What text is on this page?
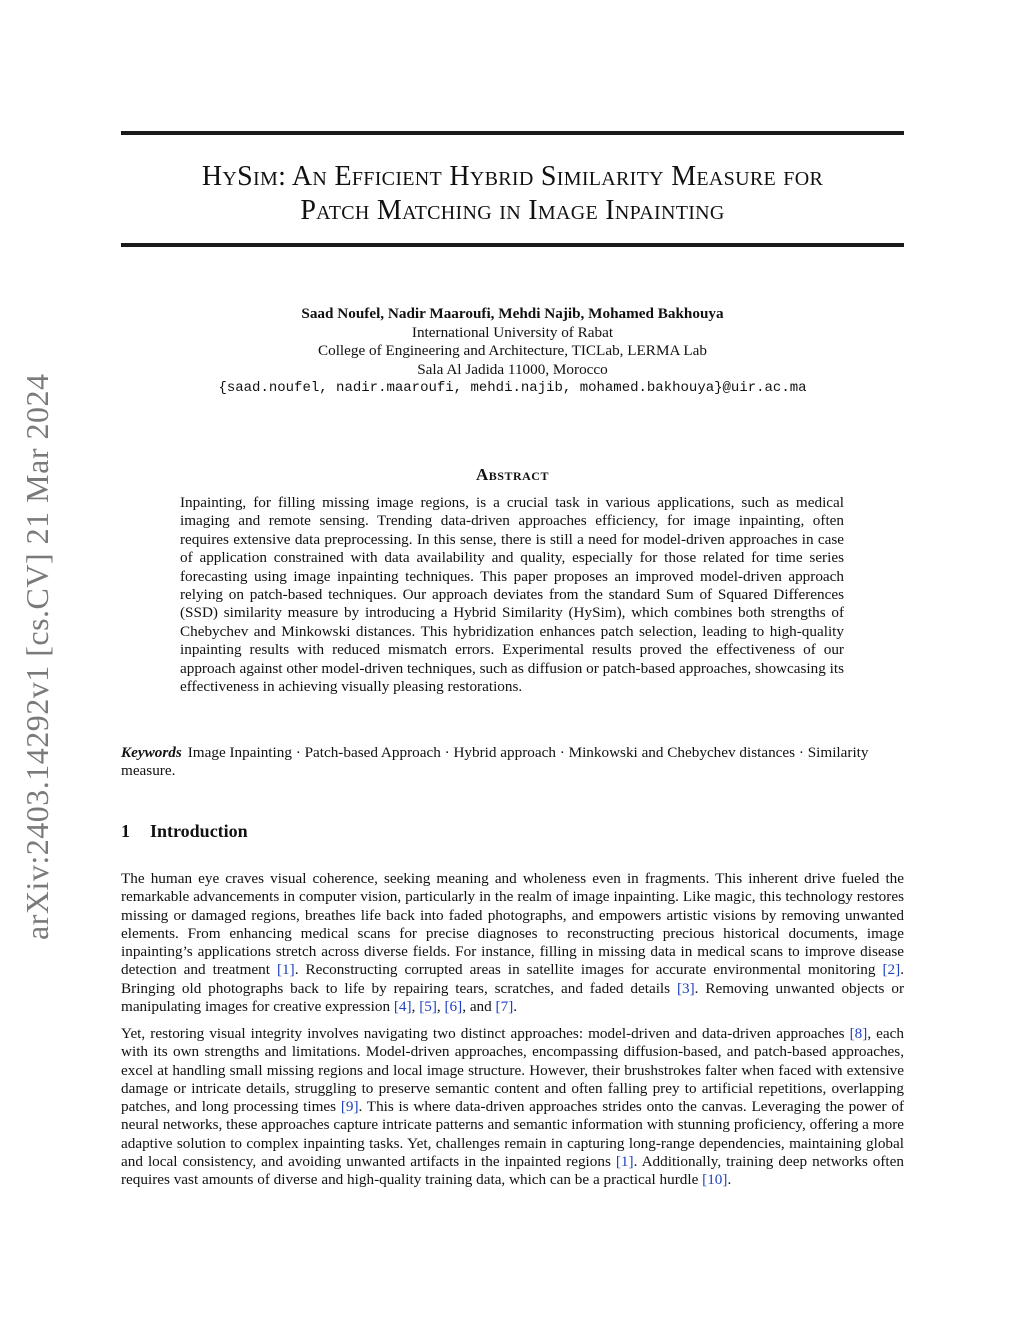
arXiv:2403.14292v1 [cs.CV] 21 Mar 2024
HySim: An Efficient Hybrid Similarity Measure for
Patch Matching in Image Inpainting
Saad Noufel, Nadir Maaroufi, Mehdi Najib, Mohamed Bakhouya
International University of Rabat
College of Engineering and Architecture, TICLab, LERMA Lab
Sala Al Jadida 11000, Morocco
{saad.noufel, nadir.maaroufi, mehdi.najib, mohamed.bakhouya}@uir.ac.ma
Abstract
Inpainting, for filling missing image regions, is a crucial task in various applications, such as medical imaging and remote sensing. Trending data-driven approaches efficiency, for image inpainting, often requires extensive data preprocessing. In this sense, there is still a need for model-driven approaches in case of application constrained with data availability and quality, especially for those related for time series forecasting using image inpainting techniques. This paper proposes an improved model-driven approach relying on patch-based techniques. Our approach deviates from the standard Sum of Squared Differences (SSD) similarity measure by introducing a Hybrid Similarity (HySim), which combines both strengths of Chebychev and Minkowski distances. This hybridization enhances patch selection, leading to high-quality inpainting results with reduced mismatch errors. Experimental results proved the effectiveness of our approach against other model-driven techniques, such as diffusion or patch-based approaches, showcasing its effectiveness in achieving visually pleasing restorations.
Keywords Image Inpainting · Patch-based Approach · Hybrid approach · Minkowski and Chebychev distances · Similarity measure.
1 Introduction
The human eye craves visual coherence, seeking meaning and wholeness even in fragments. This inherent drive fueled the remarkable advancements in computer vision, particularly in the realm of image inpainting. Like magic, this technology restores missing or damaged regions, breathes life back into faded photographs, and empowers artistic visions by removing unwanted elements. From enhancing medical scans for precise diagnoses to reconstructing precious historical documents, image inpainting’s applications stretch across diverse fields. For instance, filling in missing data in medical scans to improve disease detection and treatment [1]. Reconstructing corrupted areas in satellite images for accurate environmental monitoring [2]. Bringing old photographs back to life by repairing tears, scratches, and faded details [3]. Removing unwanted objects or manipulating images for creative expression [4], [5], [6], and [7].
Yet, restoring visual integrity involves navigating two distinct approaches: model-driven and data-driven approaches [8], each with its own strengths and limitations. Model-driven approaches, encompassing diffusion-based, and patch-based approaches, excel at handling small missing regions and local image structure. However, their brushstrokes falter when faced with extensive damage or intricate details, struggling to preserve semantic content and often falling prey to artificial repetitions, overlapping patches, and long processing times [9]. This is where data-driven approaches strides onto the canvas. Leveraging the power of neural networks, these approaches capture intricate patterns and semantic information with stunning proficiency, offering a more adaptive solution to complex inpainting tasks. Yet, challenges remain in capturing long-range dependencies, maintaining global and local consistency, and avoiding unwanted artifacts in the inpainted regions [1]. Additionally, training deep networks often requires vast amounts of diverse and high-quality training data, which can be a practical hurdle [10].
